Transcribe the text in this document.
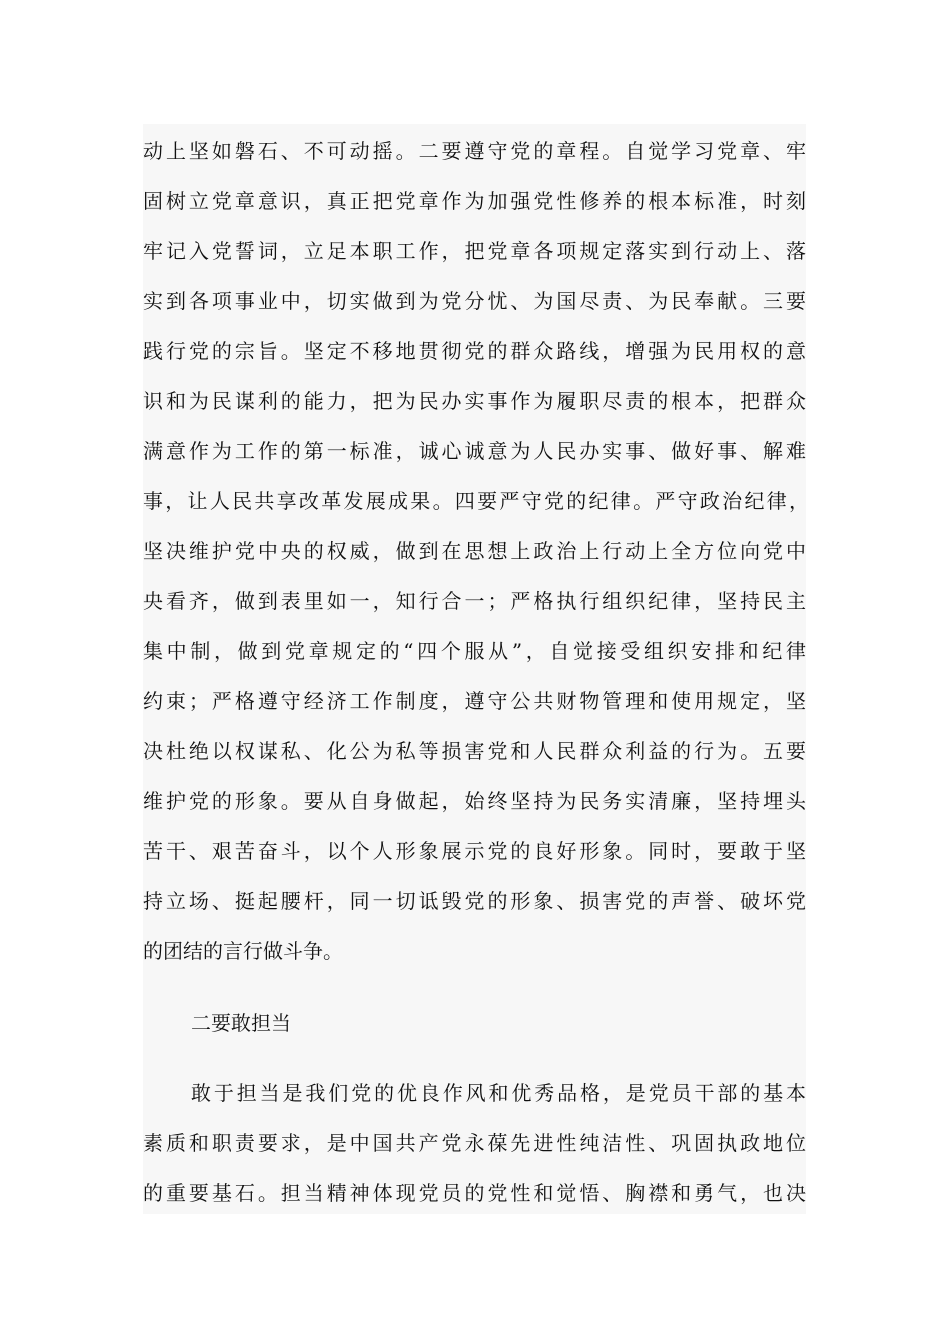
动上坚如磐石、不可动摇。二要遵守党的章程。自觉学习党章、牢
固树立党章意识，真正把党章作为加强党性修养的根本标准，时刻
牢记入党誓词，立足本职工作，把党章各项规定落实到行动上、落
实到各项事业中，切实做到为党分忧、为国尽责、为民奉献。三要
践行党的宗旨。坚定不移地贯彻党的群众路线，增强为民用权的意
识和为民谋利的能力，把为民办实事作为履职尽责的根本，把群众
满意作为工作的第一标准，诚心诚意为人民办实事、做好事、解难
事，让人民共享改革发展成果。四要严守党的纪律。严守政治纪律，
坚决维护党中央的权威，做到在思想上政治上行动上全方位向党中
央看齐，做到表里如一，知行合一；严格执行组织纪律，坚持民主
集中制，做到党章规定的“四个服从”，自觉接受组织安排和纪律
约束；严格遵守经济工作制度，遵守公共财物管理和使用规定，坚
决杜绝以权谋私、化公为私等损害党和人民群众利益的行为。五要
维护党的形象。要从自身做起，始终坚持为民务实清廉，坚持埋头
苦干、艰苦奋斗，以个人形象展示党的良好形象。同时，要敢于坚
持立场、挺起腰杆，同一切诋毁党的形象、损害党的声誉、破坏党
的团结的言行做斗争。
二要敢担当
敢于担当是我们党的优良作风和优秀品格，是党员干部的基本
素质和职责要求，是中国共产党永葆先进性纯洁性、巩固执政地位
的重要基石。担当精神体现党员的党性和觉悟、胸襟和勇气，也决
